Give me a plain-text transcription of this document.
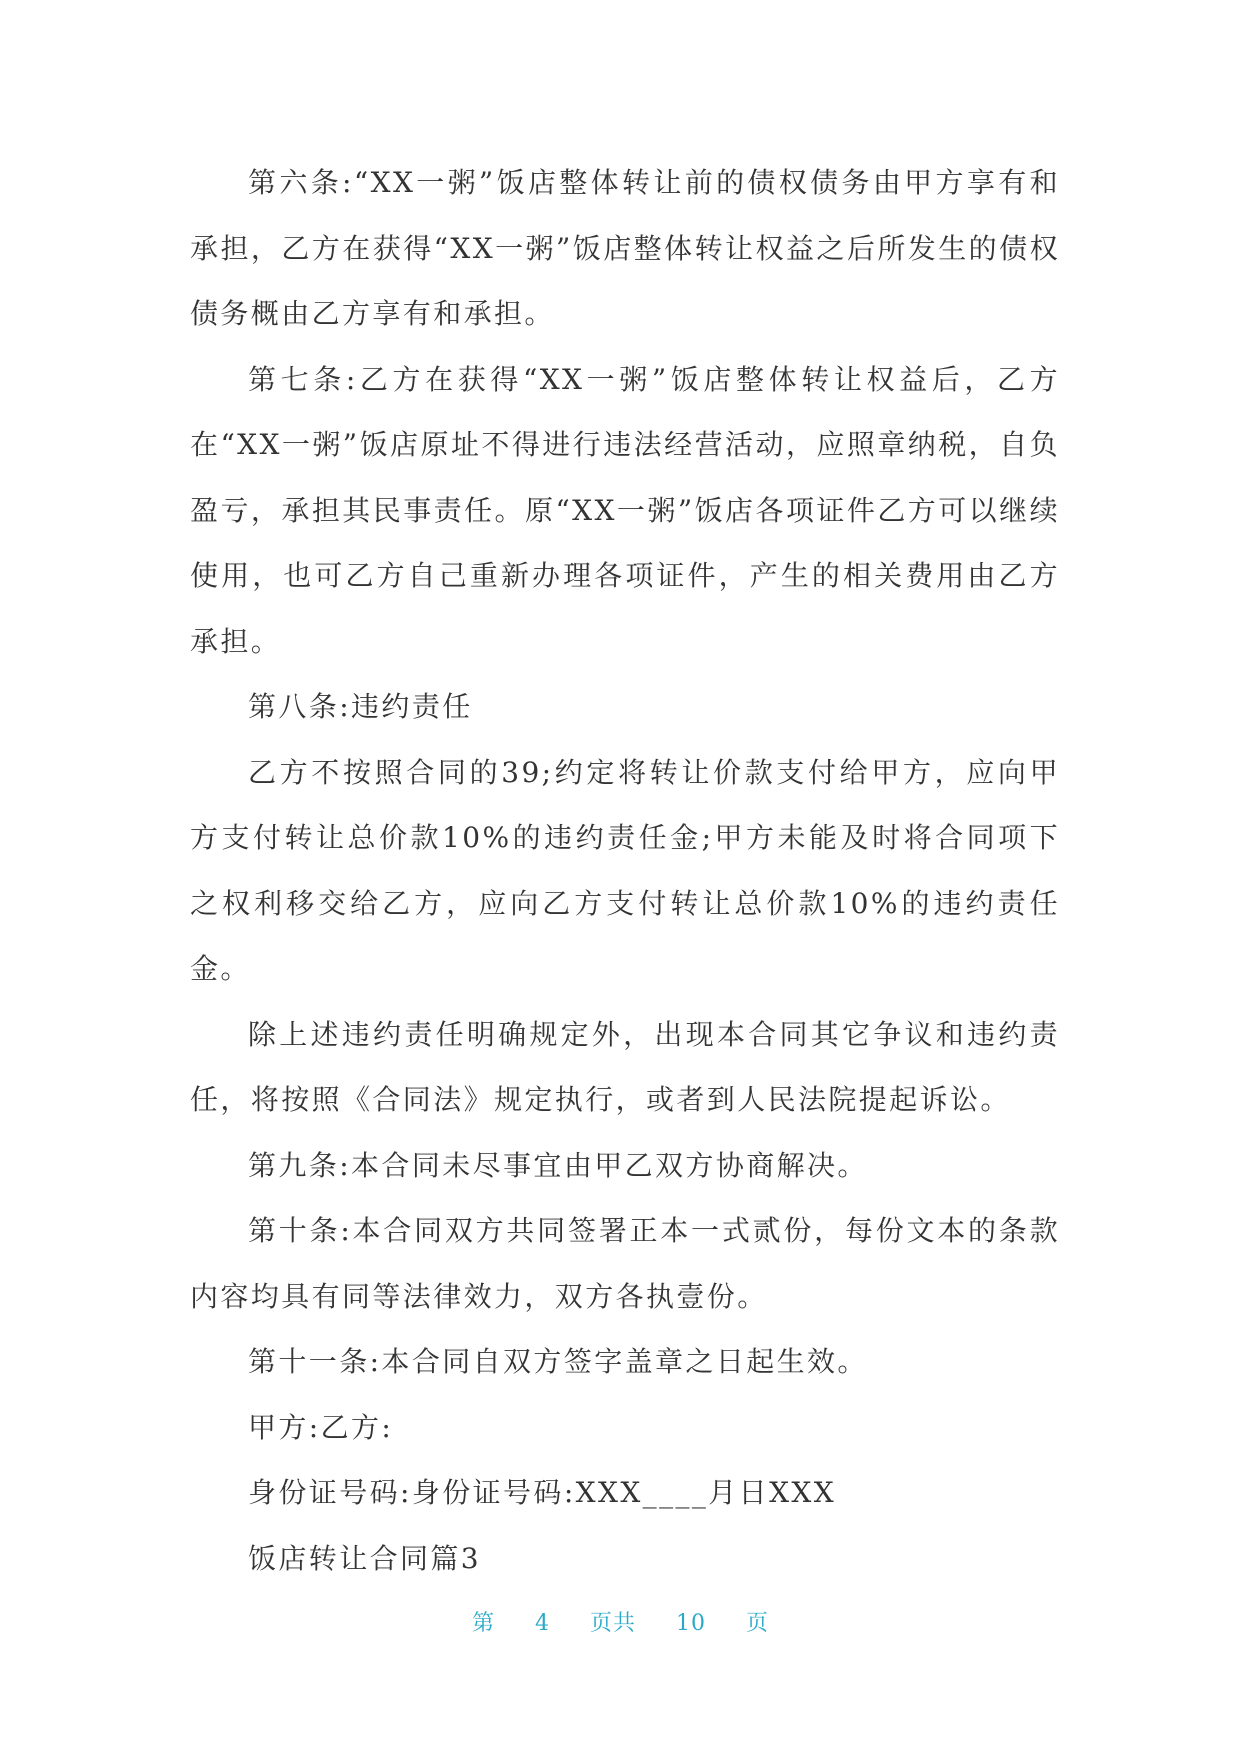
第六条:“XX一粥”饭店整体转让前的债权债务由甲方享有和承担，乙方在获得“XX一粥”饭店整体转让权益之后所发生的债权债务概由乙方享有和承担。

第七条:乙方在获得“XX一粥”饭店整体转让权益后，乙方在“XX一粥”饭店原址不得进行违法经营活动，应照章纳税，自负盈亏，承担其民事责任。原“XX一粥”饭店各项证件乙方可以继续使用，也可乙方自己重新办理各项证件，产生的相关费用由乙方承担。

第八条:违约责任

乙方不按照合同的39;约定将转让价款支付给甲方，应向甲方支付转让总价款10%的违约责任金;甲方未能及时将合同项下之权利移交给乙方，应向乙方支付转让总价款10%的违约责任金。

除上述违约责任明确规定外，出现本合同其它争议和违约责任，将按照《合同法》规定执行，或者到人民法院提起诉讼。

第九条:本合同未尽事宜由甲乙双方协商解决。

第十条:本合同双方共同签署正本一式贰份，每份文本的条款内容均具有同等法律效力，双方各执壹份。

第十一条:本合同自双方签字盖章之日起生效。

甲方:乙方:

身份证号码:身份证号码:XXX____月日XXX

饭店转让合同篇3

第 4 页共 10 页
